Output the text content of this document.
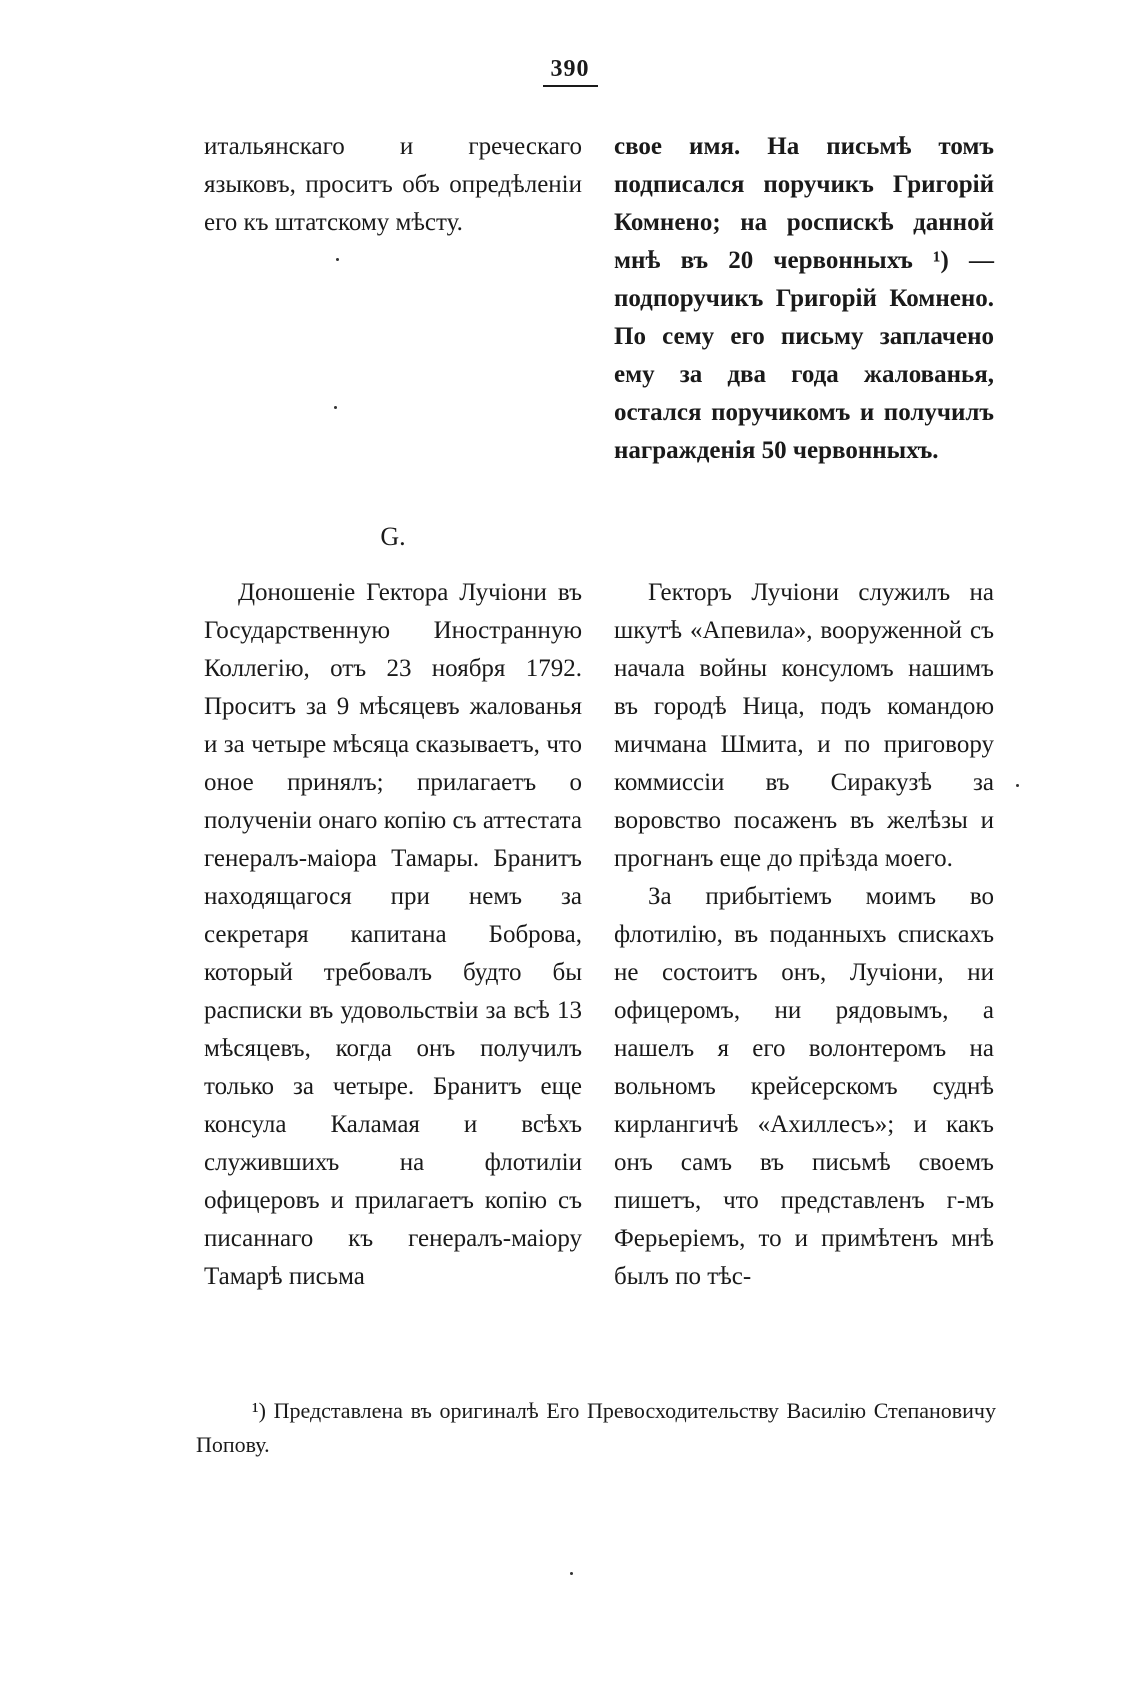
390

итальянскаго и греческаго языковъ, проситъ объ опредѣленіи его къ штатскому мѣсту.

свое имя. На письмѣ томъ подписался поручикъ Григорій Комнено; на роспискѣ данной мнѣ въ 20 червонныхъ ¹) — подпоручикъ Григорій Комнено. По сему его письму заплачено ему за два года жалованья, остался поручикомъ и получилъ награжденія 50 червонныхъ.

G.

Доношеніе Гектора Лучіони въ Государственную Иностранную Коллегію, отъ 23 ноября 1792. Проситъ за 9 мѣсяцевъ жалованья и за четыре мѣсяца сказываетъ, что оное принялъ; прилагаетъ о полученіи онаго копію съ аттестата генералъ-маіора Тамары. Бранитъ находящагося при немъ за секретаря капитана Боброва, который требовалъ будто бы расписки въ удовольствіи за всѣ 13 мѣсяцевъ, когда онъ получилъ только за четыре. Бранитъ еще консула Каламая и всѣхъ служившихъ на флотиліи офицеровъ и прилагаетъ копію съ писаннаго къ генералъ-маіору Тамарѣ письма

Гекторъ Лучіони служилъ на шкутѣ «Апевила», вооруженной съ начала войны консуломъ нашимъ въ городѣ Ница, подъ командою мичмана Шмита, и по приговору коммиссіи въ Сиракузѣ за воровство посаженъ въ желѣзы и прогнанъ еще до пріѣзда моего.

За прибытіемъ моимъ во флотилію, въ поданныхъ спискахъ не состоитъ онъ, Лучіони, ни офицеромъ, ни рядовымъ, а нашелъ я его волонтеромъ на вольномъ крейсерскомъ суднѣ кирлангичѣ «Ахиллесъ»; и какъ онъ самъ въ письмѣ своемъ пишетъ, что представленъ г-мъ Ферьеріемъ, то и примѣтенъ мнѣ былъ по тѣс-

¹) Представлена въ оригиналѣ Его Превосходительству Василію Степановичу Попову.
